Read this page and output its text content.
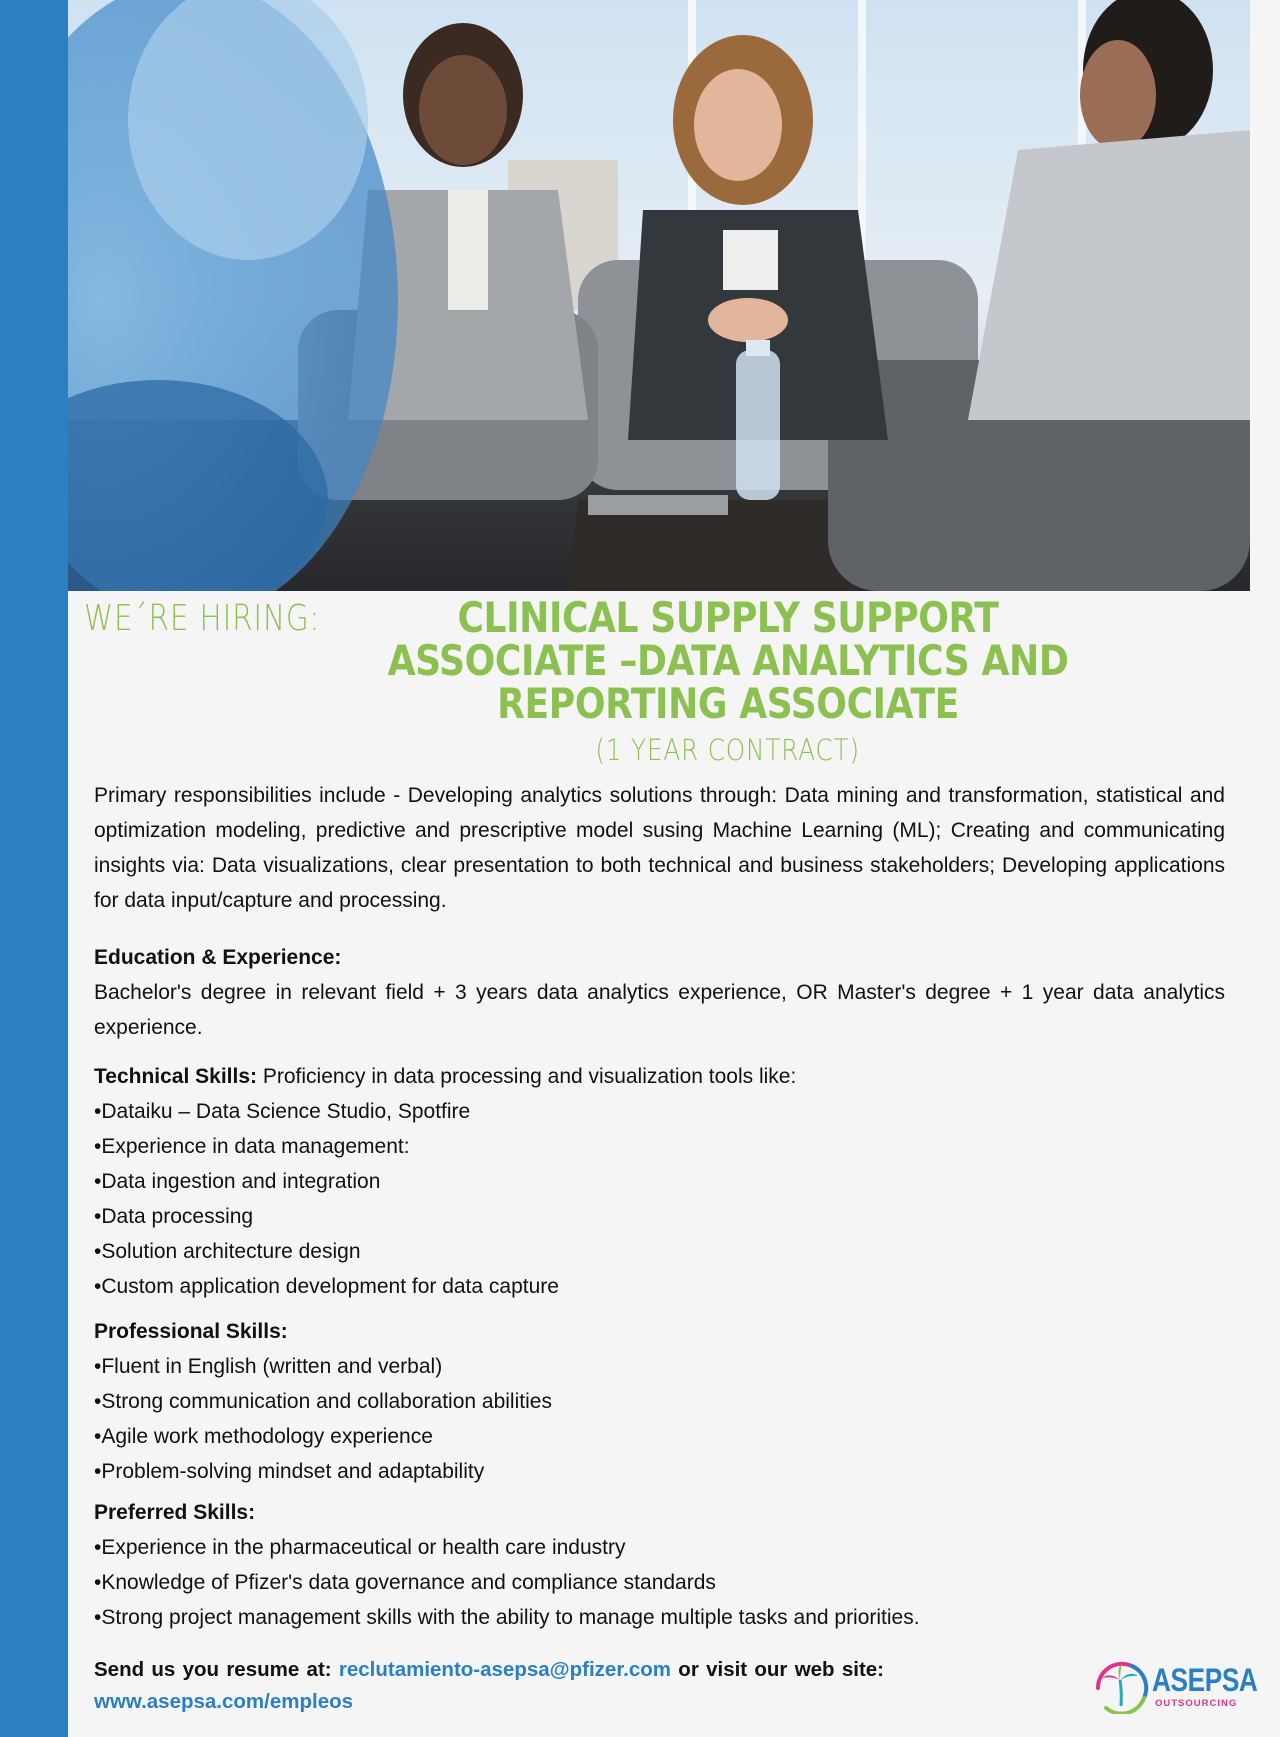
WE´RE HIRING:	CLINICAL SUPPLY SUPPORT
ASSOCIATE –DATA ANALYTICS AND
REPORTING ASSOCIATE
(1 YEAR CONTRACT)

Primary responsibilities include - Developing analytics solutions through: Data mining and transformation, statistical and optimization modeling, predictive and prescriptive model susing Machine Learning (ML); Creating and communicating insights via: Data visualizations, clear presentation to both technical and business stakeholders; Developing applications for data input/capture and processing.

Education & Experience:

Bachelor's degree in relevant field + 3 years data analytics experience, OR Master's degree + 1 year data analytics experience.

Technical Skills: Proficiency in data processing and visualization tools like:
•Dataiku – Data Science Studio, Spotfire
•Experience in data management:
•Data ingestion and integration
•Data processing
•Solution architecture design
•Custom application development for data capture
Professional Skills:
•Fluent in English (written and verbal)
•Strong communication and collaboration abilities
•Agile work methodology experience
•Problem-solving mindset and adaptability
Preferred Skills:
•Experience in the pharmaceutical or health care industry
•Knowledge of Pfizer's data governance and compliance standards
•Strong project management skills with the ability to manage multiple tasks and priorities.
Send us you resume at: reclutamiento-asepsa@pfizer.com or visit our web site: www.asepsa.com/empleos
ASEPSA
OUTSOURCING
